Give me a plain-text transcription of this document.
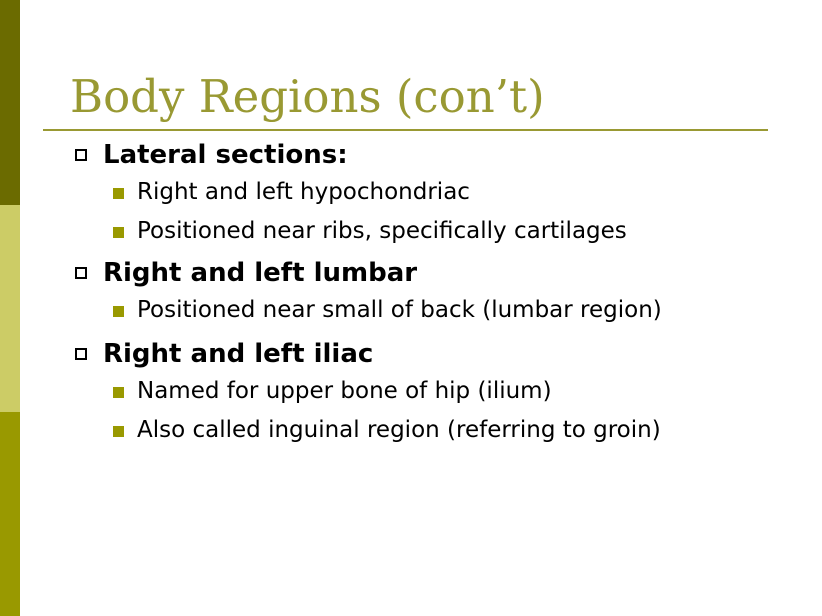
Body Regions (con’t)
Lateral sections:
Right and left hypochondriac
Positioned near ribs, specifically cartilages
Right and left lumbar
Positioned near small of back (lumbar region)
Right and left iliac
Named for upper bone of hip (ilium)
Also called inguinal region (referring to groin)
